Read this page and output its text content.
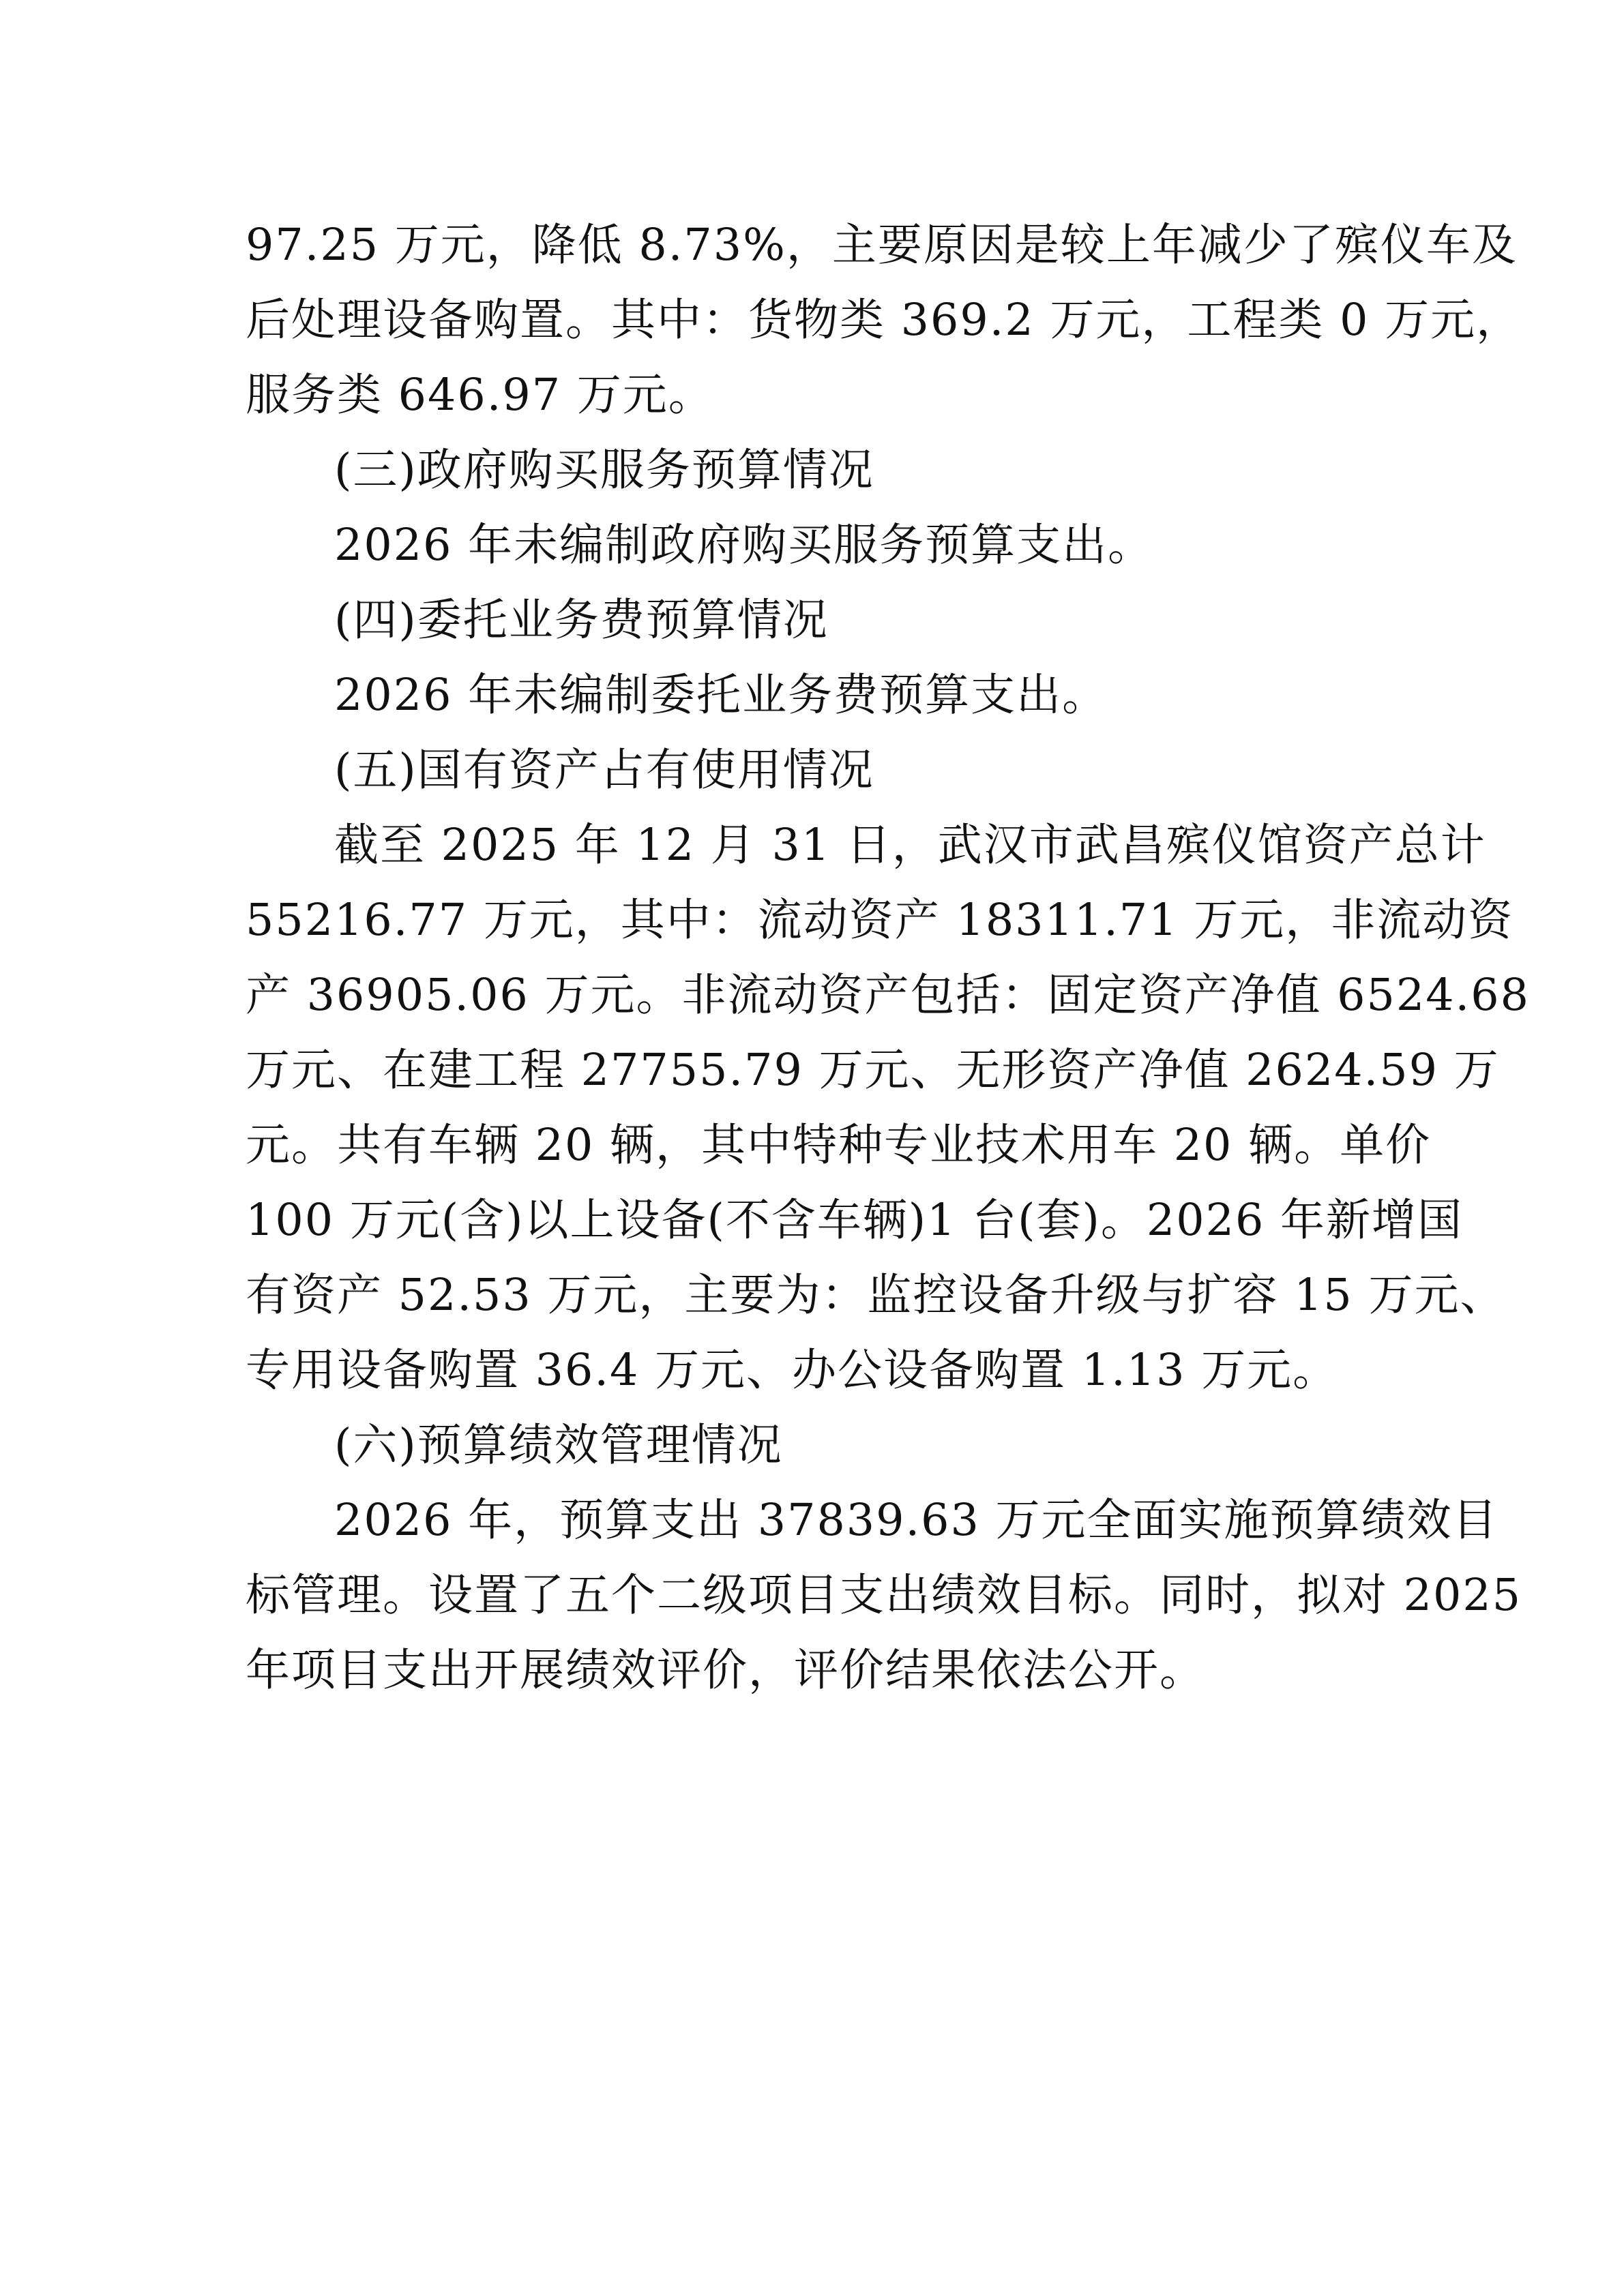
97.25 万元，降低 8.73%，主要原因是较上年减少了殡仪车及
后处理设备购置。其中：货物类 369.2 万元，工程类 0 万元，
服务类 646.97 万元。
(三)政府购买服务预算情况
2026 年未编制政府购买服务预算支出。
(四)委托业务费预算情况
2026 年未编制委托业务费预算支出。
(五)国有资产占有使用情况
截至 2025 年 12 月 31 日，武汉市武昌殡仪馆资产总计
55216.77 万元，其中：流动资产 18311.71 万元，非流动资
产 36905.06 万元。非流动资产包括：固定资产净值 6524.68
万元、在建工程 27755.79 万元、无形资产净值 2624.59 万
元。共有车辆 20 辆，其中特种专业技术用车 20 辆。单价
100 万元(含)以上设备(不含车辆)1 台(套)。2026 年新增国
有资产 52.53 万元，主要为：监控设备升级与扩容 15 万元、
专用设备购置 36.4 万元、办公设备购置 1.13 万元。
(六)预算绩效管理情况
2026 年，预算支出 37839.63 万元全面实施预算绩效目
标管理。设置了五个二级项目支出绩效目标。同时，拟对 2025
年项目支出开展绩效评价，评价结果依法公开。
